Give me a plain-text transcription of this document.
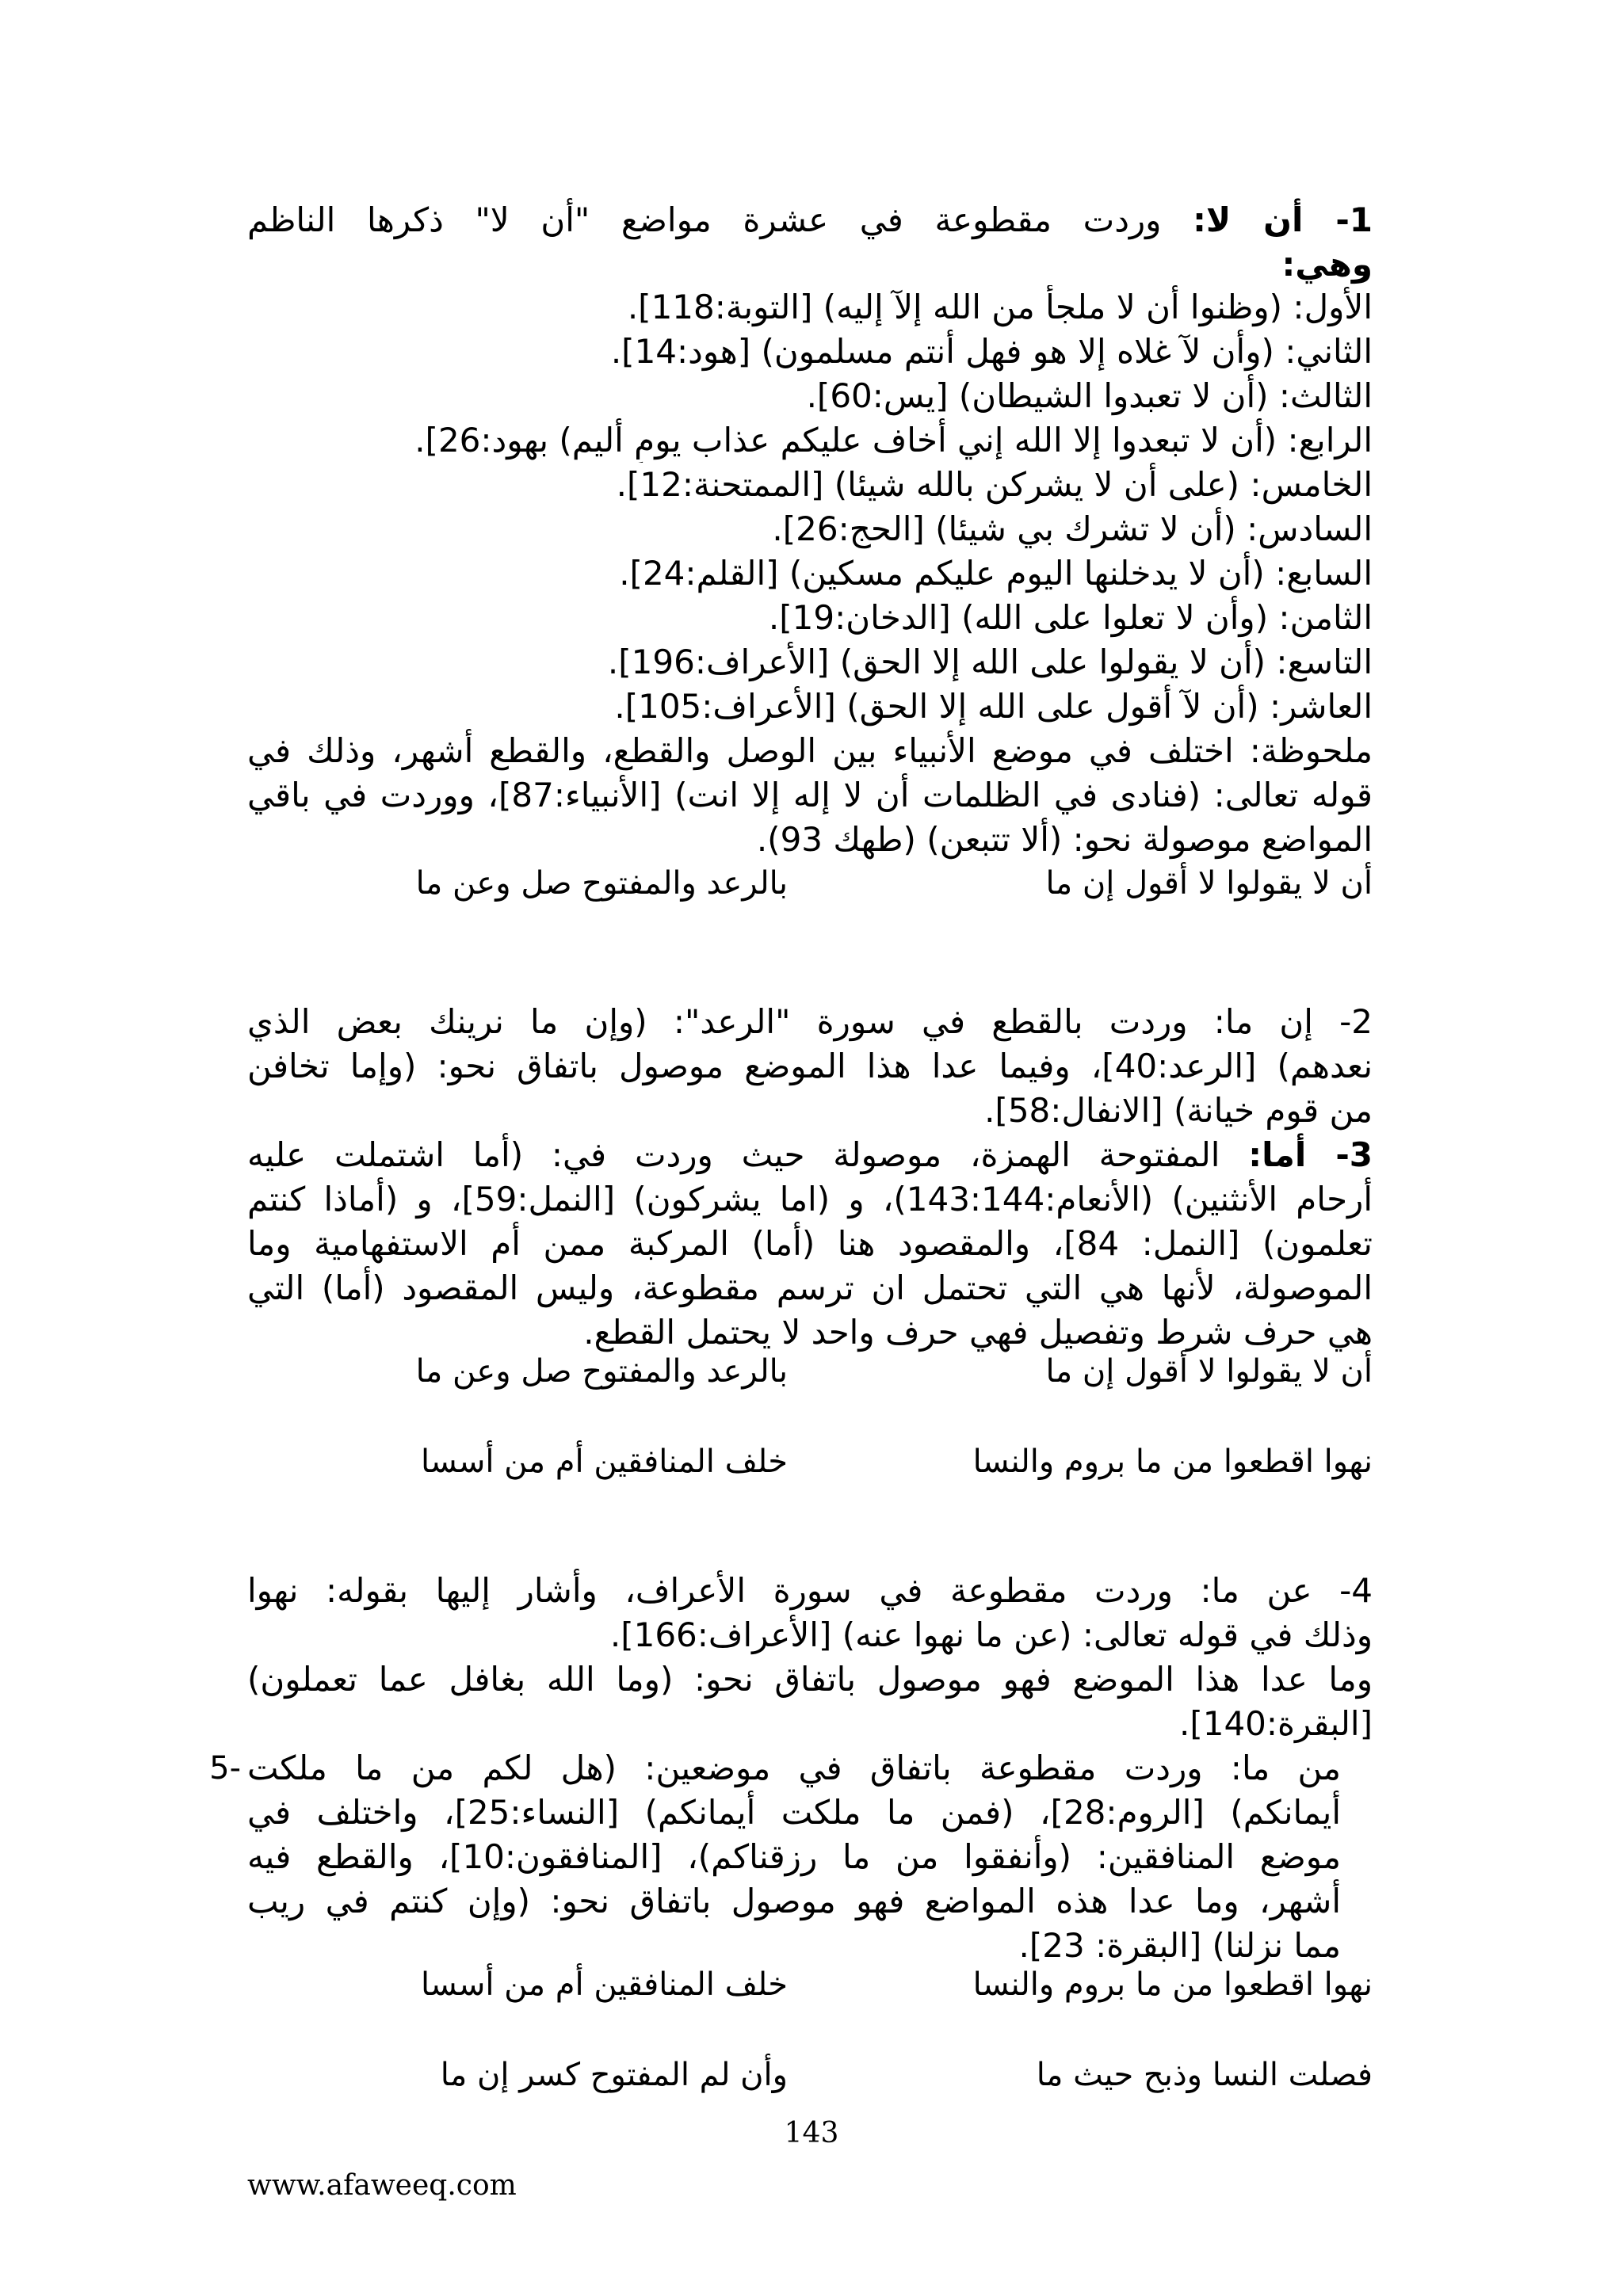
1- أن لا: وردت مقطوعة في عشرة مواضع "أن لا" ذكرها الناظم
وهي:
الأول: (وظنوا أن لا ملجأ من الله إلآ إليه) [التوبة:118].
الثاني: (وأن لآ غلاه إلا هو فهل أنتم مسلمون) [هود:14].
الثالث: (أن لا تعبدوا الشيطان) [يس:60].
الرابع: (أن لا تبعدوا إلا الله إني أخاف عليكم عذاب يومٍ أليم) بهود:26].
الخامس: (على أن لا يشركن بالله شيئا) [الممتحنة:12].
السادس: (أن لا تشرك بي شيئا) [الحج:26].
السابع: (أن لا يدخلنها اليوم عليكم مسكين) [القلم:24].
الثامن: (وأن لا تعلوا على الله) [الدخان:19].
التاسع: (أن لا يقولوا على الله إلا الحق) [الأعراف:196].
العاشر: (أن لآ أقول على الله إلا الحق) [الأعراف:105].
ملحوظة: اختلف في موضع الأنبياء بين الوصل والقطع، والقطع أشهر، وذلك في
قوله تعالى: (فنادى في الظلمات أن لا إله إلا انت) [الأنبياء:87]، ووردت في باقي
المواضع موصولة نحو: (ألا تتبعن) (طهك 93).
أن لا يقولوا لا أقول إن ما
بالرعد والمفتوح صل وعن ما
2- إن ما: وردت بالقطع في سورة "الرعد": (وإن ما نرينك بعض الذي
نعدهم) [الرعد:40]، وفيما عدا هذا الموضع موصول باتفاق نحو: (وإما تخافن
من قوم خيانة) [الانفال:58].
3- أما: المفتوحة الهمزة، موصولة حيث وردت في: (أما اشتملت عليه
أرحام الأنثنين) (الأنعام:143:144)، و (اما يشركون) [النمل:59]، و (أماذا كنتم
تعلمون) [النمل: 84]، والمقصود هنا (أما) المركبة ممن أم الاستفهامية وما
الموصولة، لأنها هي التي تحتمل ان ترسم مقطوعة، وليس المقصود (أما) التي
هي حرف شرط وتفصيل فهي حرف واحد لا يحتمل القطع.
أن لا يقولوا لا أقول إن ما
بالرعد والمفتوح صل وعن ما
نهوا اقطعوا من ما بروم والنسا
خلف المنافقين أم من أسسا
4- عن ما: وردت مقطوعة في سورة الأعراف، وأشار إليها بقوله: نهوا
وذلك في قوله تعالى: (عن ما نهوا عنه) [الأعراف:166].
وما عدا هذا الموضع فهو موصول باتفاق نحو: (وما الله بغافل عما تعملون)
[البقرة:140].
-5 من ما: وردت مقطوعة باتفاق في موضعين: (هل لكم من ما ملكت
أيمانكم) [الروم:28]، (فمن ما ملكت أيمانكم) [النساء:25]، واختلف في
موضع المنافقين: (وأنفقوا من ما رزقناكم)، [المنافقون:10]، والقطع فيه
أشهر، وما عدا هذه المواضع فهو موصول باتفاق نحو: (وإن كنتم في ريب
مما نزلنا) [البقرة: 23].
نهوا اقطعوا من ما بروم والنسا
خلف المنافقين أم من أسسا
فصلت النسا وذبح حيث ما
وأن لم المفتوح كسر إن ما
143
www.afaweeq.com
